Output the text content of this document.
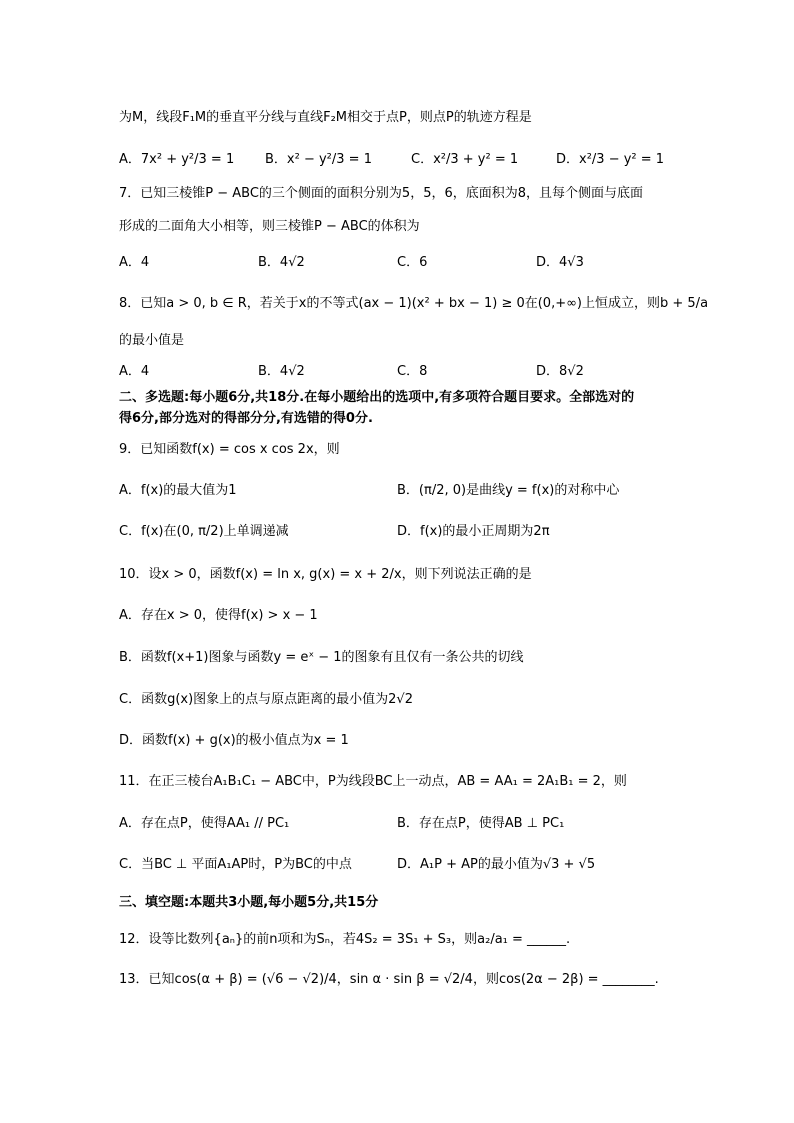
为M，线段F₁M的垂直平分线与直线F₂M相交于点P，则点P的轨迹方程是
A．7x² + y²/3 = 1 B．x² − y²/3 = 1	C．x²/3 + y² = 1	D．x²/3 − y² = 1
7．已知三棱锥P − ABC的三个侧面的面积分别为5，5，6，底面积为8，且每个侧面与底面
形成的二面角大小相等，则三棱锥P − ABC的体积为
A．4	B．4√2	C．6	D．4√3
8．已知a > 0, b ∈ R，若关于x的不等式(ax − 1)(x² + bx − 1) ≥ 0在(0,+∞)上恒成立，则b + 5/a
的最小值是
A．4	B．4√2	C．8	D．8√2
二、多选题:每小题6分,共18分.在每小题给出的选项中,有多项符合题目要求。全部选对的
得6分,部分选对的得部分分,有选错的得0分.
9．已知函数f(x) = cos x cos 2x，则
A．f(x)的最大值为1	B．(π/2, 0)是曲线y = f(x)的对称中心
C．f(x)在(0, π/2)上单调递减	D．f(x)的最小正周期为2π
10．设x > 0，函数f(x) = ln x, g(x) = x + 2/x，则下列说法正确的是
A．存在x > 0，使得f(x) > x − 1
B．函数f(x+1)图象与函数y = eˣ − 1的图象有且仅有一条公共的切线
C．函数g(x)图象上的点与原点距离的最小值为2√2
D．函数f(x) + g(x)的极小值点为x = 1
11．在正三棱台A₁B₁C₁ − ABC中，P为线段BC上一动点，AB = AA₁ = 2A₁B₁ = 2，则
A．存在点P，使得AA₁ // PC₁	B．存在点P，使得AB ⊥ PC₁
C．当BC ⊥ 平面A₁AP时，P为BC的中点	D．A₁P + AP的最小值为√3 + √5
三、填空题:本题共3小题,每小题5分,共15分
12．设等比数列{aₙ}的前n项和为Sₙ，若4S₂ = 3S₁ + S₃，则a₂/a₁ = ______.
13．已知cos(α + β) = (√6 − √2)/4，sin α · sin β = √2/4，则cos(2α − 2β) = ________.
